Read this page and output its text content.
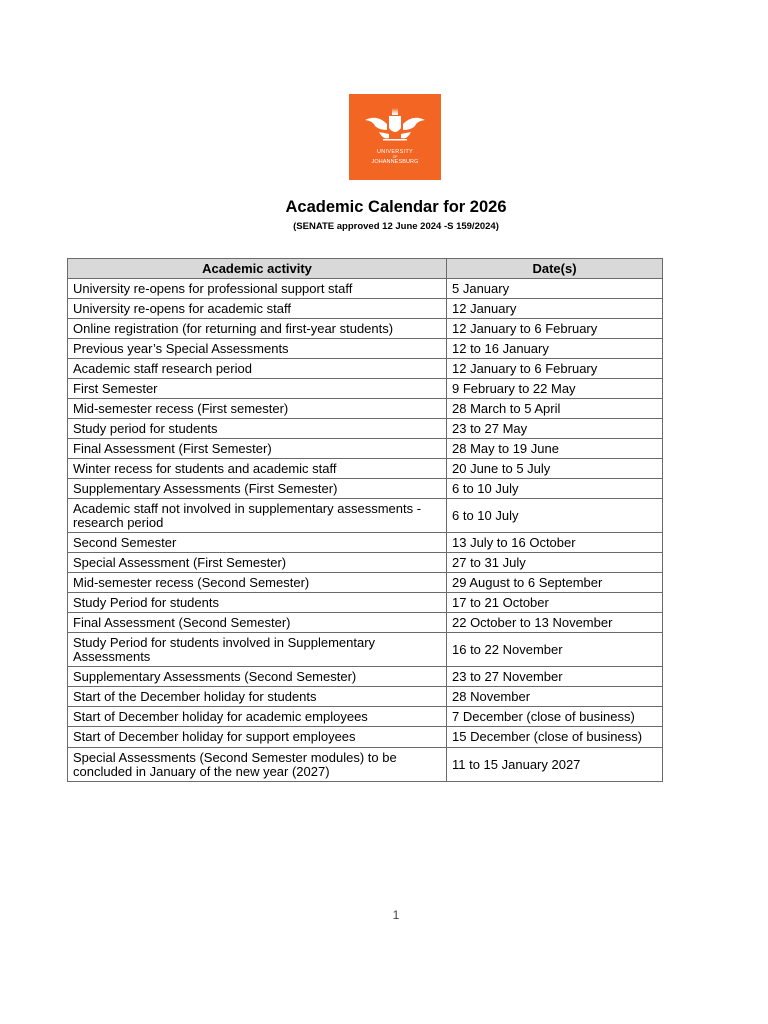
UNIVERSITY
OF
JOHANNESBURG
Academic Calendar for 2026
(SENATE approved 12 June 2024 -S 159/2024)
Academic activity	Date(s)
University re-opens for professional support staff	5 January
University re-opens for academic staff	12 January
Online registration (for returning and first-year students)	12 January to 6 February
Previous year’s Special Assessments	12 to 16 January
Academic staff research period	12 January to 6 February
First Semester	9 February to 22 May
Mid-semester recess (First semester)	28 March to 5 April
Study period for students	23 to 27 May
Final Assessment (First Semester)	28 May to 19 June
Winter recess for students and academic staff	20 June to 5 July
Supplementary Assessments (First Semester)	6 to 10 July
Academic staff not involved in supplementary assessments - research period	6 to 10 July
Second Semester	13 July to 16 October
Special Assessment (First Semester)	27 to 31 July
Mid-semester recess (Second Semester)	29 August to 6 September
Study Period for students	17 to 21 October
Final Assessment (Second Semester)	22 October to 13 November
Study Period for students involved in Supplementary Assessments	16 to 22 November
Supplementary Assessments (Second Semester)	23 to 27 November
Start of the December holiday for students	28 November
Start of December holiday for academic employees	7 December (close of business)
Start of December holiday for support employees	15 December (close of business)
Special Assessments (Second Semester modules) to be concluded in January of the new year (2027)	11 to 15 January 2027
1
